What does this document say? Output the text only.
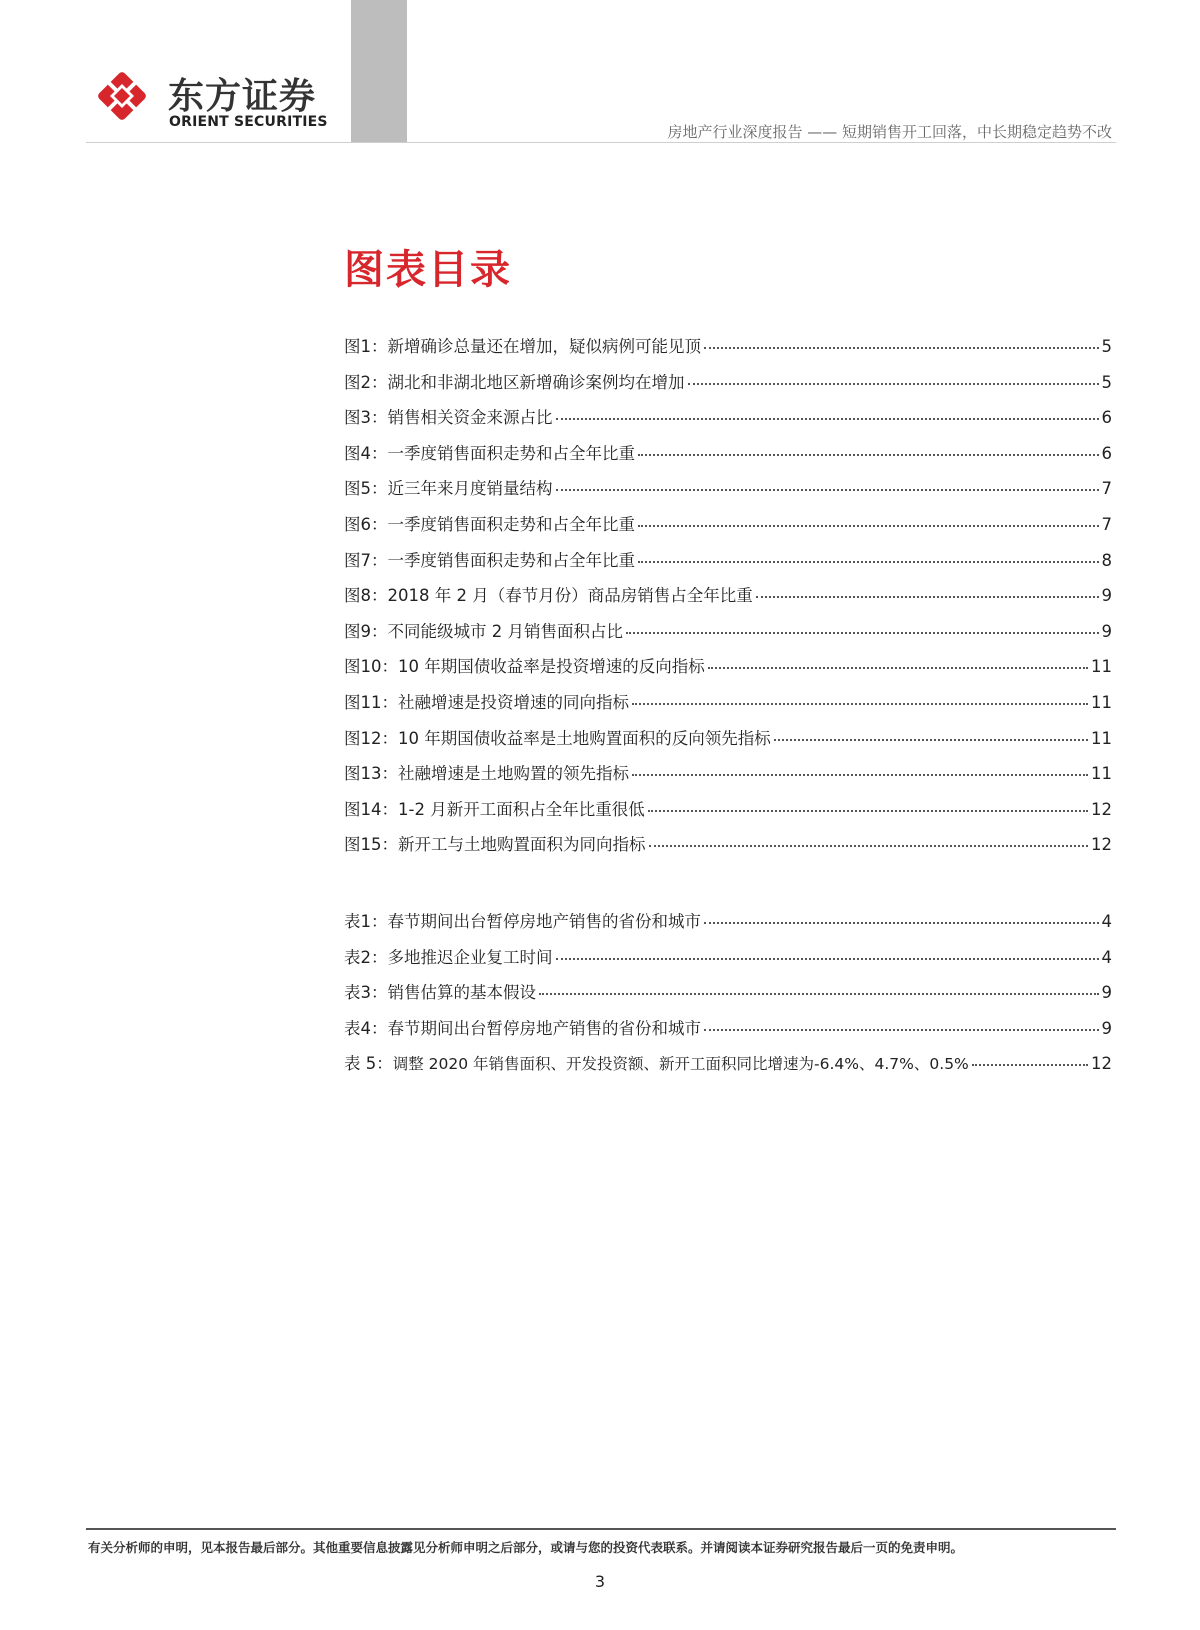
东方证券
ORIENT SECURITIES
房地产行业深度报告 —— 短期销售开工回落，中长期稳定趋势不改
图表目录
图1 ： 新增确诊总量还在增加，疑似病例可能见顶	5
图2 ： 湖北和非湖北地区新增确诊案例均在增加	5
图3 ： 销售相关资金来源占比	6
图4 ： 一季度销售面积走势和占全年比重	6
图5 ： 近三年来月度销量结构	7
图6 ： 一季度销售面积走势和占全年比重	7
图7 ： 一季度销售面积走势和占全年比重	8
图8 ： 2018 年 2 月（春节月份）商品房销售占全年比重	9
图9 ： 不同能级城市 2 月销售面积占比	9
图10 ： 10 年期国债收益率是投资增速的反向指标	11
图11 ： 社融增速是投资增速的同向指标	11
图12 ： 10 年期国债收益率是土地购置面积的反向领先指标	11
图13 ： 社融增速是土地购置的领先指标	11
图14 ： 1-2 月新开工面积占全年比重很低	12
图15 ： 新开工与土地购置面积为同向指标	12
表1 ： 春节期间出台暂停房地产销售的省份和城市	4
表2 ： 多地推迟企业复工时间	4
表3 ： 销售估算的基本假设	9
表4 ： 春节期间出台暂停房地产销售的省份和城市	9
表 5 ： 调整 2020 年销售面积、开发投资额、新开工面积同比增速为-6.4%、4.7%、0.5%	12
有关分析师的申明，见本报告最后部分。其他重要信息披露见分析师申明之后部分，或请与您的投资代表联系。并请阅读本证券研究报告最后一页的免责申明。
3
